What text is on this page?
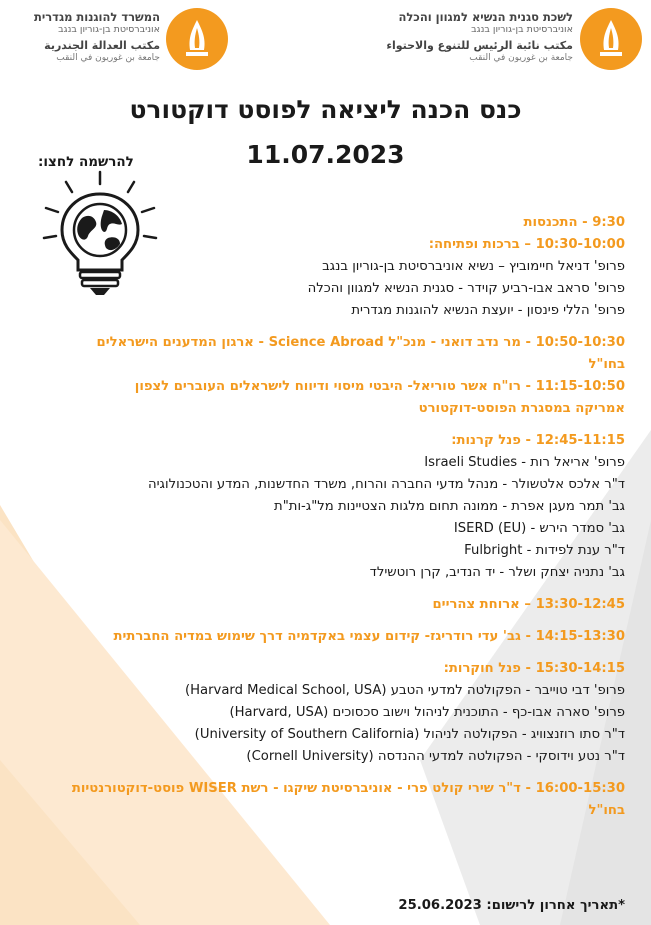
לשכת סגנית הנשיא למגוון והכלה
אוניברסיטת בן-גוריון בנגב
مكتب نائبة الرئيس للتنوع والاحتواء
جامعة بن غوريون في النقب
המשרד להוגנות מגדרית
אוניברסיטת בן-גוריון בנגב
مكتب العدالة الجندرية
جامعة بن غوريون في النقب
כנס הכנה ליציאה לפוסט דוקטורט
11.07.2023
להרשמה לחצו:
9:30 - התכנסות
10:30-10:00 – ברכות ופתיחה:
פרופ' דניאל חיימוביץ – נשיא אוניברסיטת בן-גוריון בנגב
פרופ' סראב אבו-רביע קוידר - סגנית הנשיא למגוון והכלה
פרופ' הללי פינסון - יועצת הנשיא להוגנות מגדרית
10:50-10:30 - מר נדב דואני - מנכ"ל Science Abroad - ארגון המדענים הישראלים
בחו"ל
11:15-10:50 - רו"ח אשר טוריאל- היבטי מיסוי ודיווח לישראלים העוברים לצפון
אמריקה במסגרת הפוסט-דוקטורט
12:45-11:15 - פנל קרנות:
פרופ' אריאל רות - Israeli Studies
ד"ר אלכס אלטשולר - מנהל מדעי החברה והרוח, משרד החדשנות, המדע והטכנולוגיה
גב' תמר מעגן אפרת - ממונה תחום מלגות הצטיינות מל"ג-ות"ת
גב' סמדר הירש - ISERD (EU)
ד"ר ענת לפידות - Fulbright
גב' נתניה יצחק ושלר - יד הנדיב, קרן רוטשילד
13:30-12:45 – ארוחת צהריים
14:15-13:30 - גב' עדי רודריגז- קידום עצמי באקדמיה דרך שימוש במדיה החברתית
15:30-14:15 - פנל חוקרות:
פרופ' דבי טוייבר - הפקולטה למדעי הטבע (Harvard Medical School, USA)
פרופ' סארה אבו-כף - התוכנית לניהול וישוב סכסוכים (Harvard, USA)
ד"ר סתו רוזנצוויג - הפקולטה לניהול (University of Southern California)
ד"ר נטע וידוסקי - הפקולטה למדעי ההנדסה (Cornell University)
16:00-15:30 - ד"ר שירי קולט פרי - אוניברסיטת שיקגו - רשת WISER פוסט-דוקטורנטיות
בחו"ל
*תאריך אחרון לרישום: 25.06.2023
